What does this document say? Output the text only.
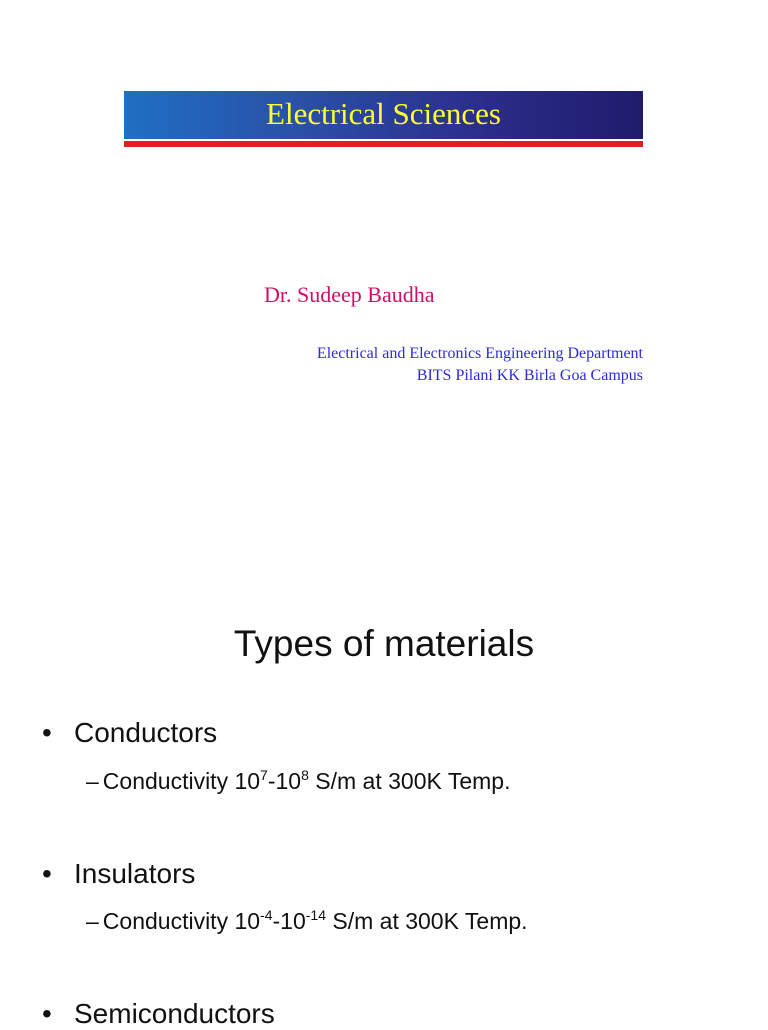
Electrical Sciences
Dr. Sudeep Baudha
Electrical and Electronics Engineering Department
BITS Pilani KK Birla Goa Campus
Types of materials
• Conductors
– Conductivity $10^7-10^8$ S/m at 300K Temp.
• Insulators
– Conductivity $10^{-4}-10^{-14}$ S/m at 300K Temp.
• Semiconductors
